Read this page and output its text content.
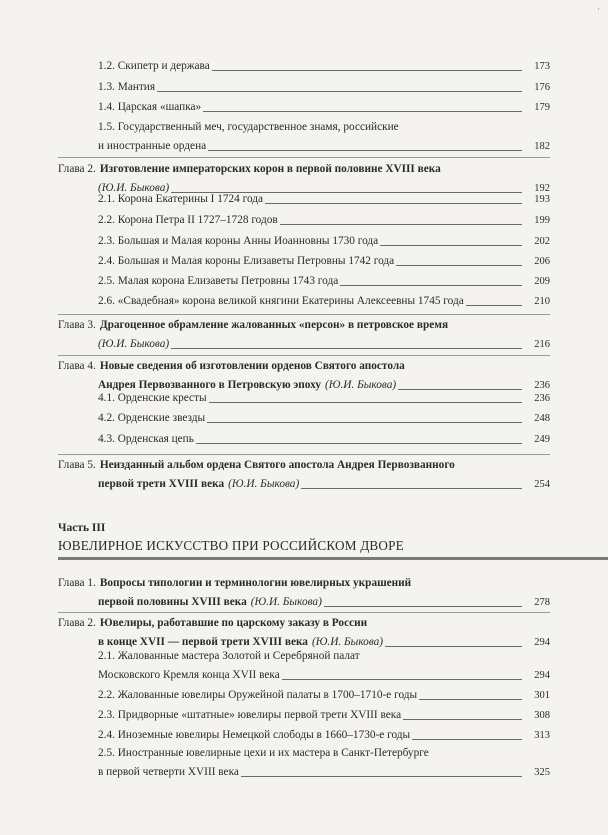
·
1.2. Скипетр и держава	173
1.3. Мантия	176
1.4. Царская «шапка»	179
1.5. Государственный меч, государственное знамя, российские
и иностранные ордена	182
Глава 2. Изготовление императорских корон в первой половине XVIII века
(Ю.И. Быкова)	192
2.1. Корона Екатерины I 1724 года	193
2.2. Корона Петра II 1727–1728 годов	199
2.3. Большая и Малая короны Анны Иоанновны 1730 года	202
2.4. Большая и Малая короны Елизаветы Петровны 1742 года	206
2.5. Малая корона Елизаветы Петровны 1743 года	209
2.6. «Свадебная» корона великой княгини Екатерины Алексеевны 1745 года	210
Глава 3. Драгоценное обрамление жалованных «персон» в петровское время
(Ю.И. Быкова)	216
Глава 4. Новые сведения об изготовлении орденов Святого апостола
Андрея Первозванного в Петровскую эпоху (Ю.И. Быкова)	236
4.1. Орденские кресты	236
4.2. Орденские звезды	248
4.3. Орденская цепь	249
Глава 5. Неизданный альбом ордена Святого апостола Андрея Первозванного
первой трети XVIII века (Ю.И. Быкова)	254
Часть III
ЮВЕЛИРНОЕ ИСКУССТВО ПРИ РОССИЙСКОМ ДВОРЕ
Глава 1. Вопросы типологии и терминологии ювелирных украшений
первой половины XVIII века (Ю.И. Быкова)	278
Глава 2. Ювелиры, работавшие по царскому заказу в России
в конце XVII — первой трети XVIII века (Ю.И. Быкова)	294
2.1. Жалованные мастера Золотой и Серебряной палат
Московского Кремля конца XVII века	294
2.2. Жалованные ювелиры Оружейной палаты в 1700–1710-е годы	301
2.3. Придворные «штатные» ювелиры первой трети XVIII века	308
2.4. Иноземные ювелиры Немецкой слободы в 1660–1730-е годы	313
2.5. Иностранные ювелирные цехи и их мастера в Санкт-Петербурге
в первой четверти XVIII века	325
